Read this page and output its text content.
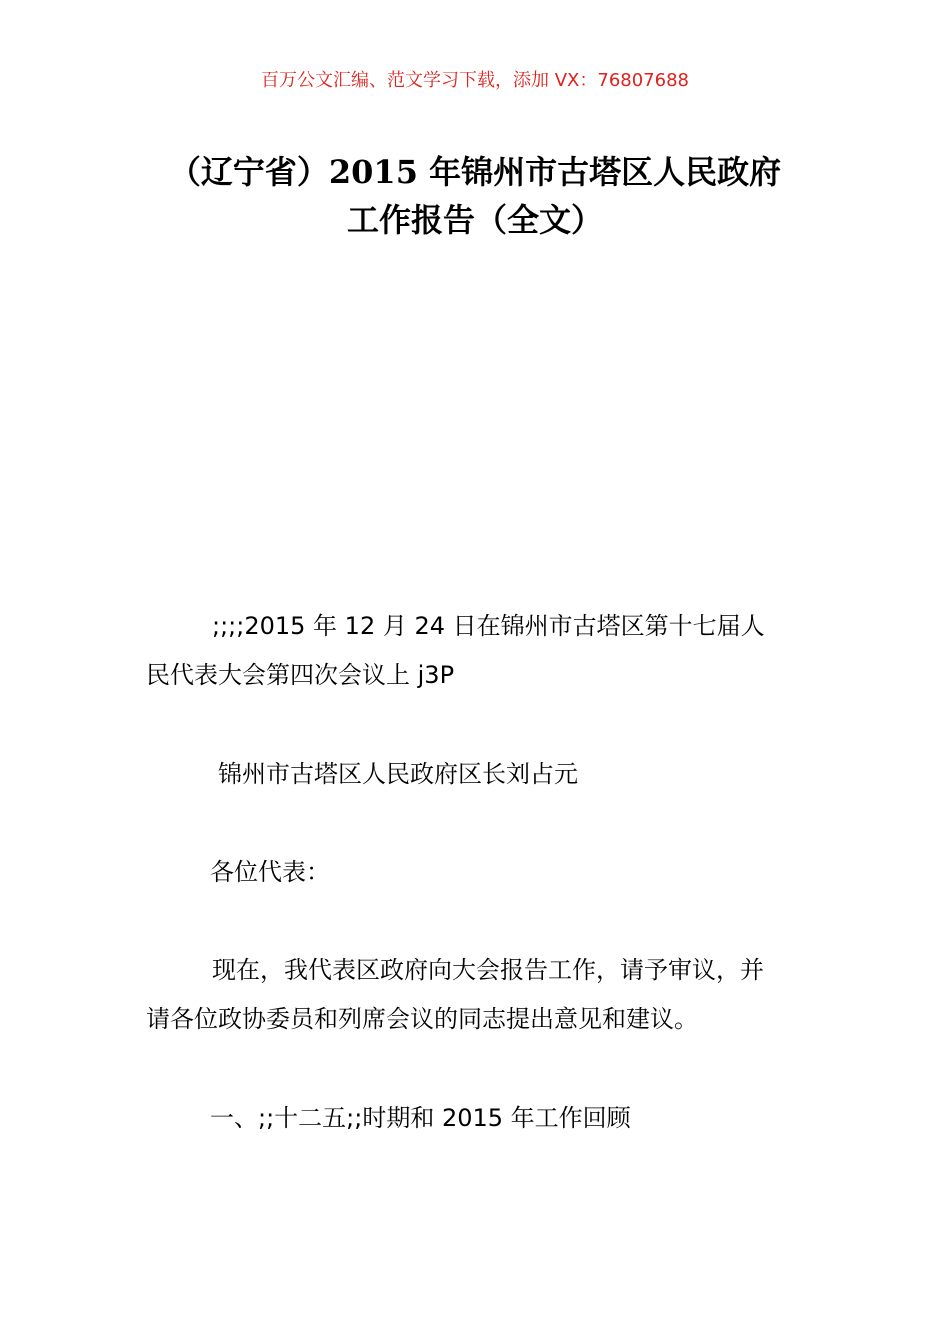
百万公文汇编、范文学习下载，添加 VX：76807688
（辽宁省）2015 年锦州市古塔区人民政府
工作报告（全文）
;;;;2015 年 12 月 24 日在锦州市古塔区第十七届人
民代表大会第四次会议上 j3P
锦州市古塔区人民政府区长刘占元
各位代表：
现在，我代表区政府向大会报告工作，请予审议，并
请各位政协委员和列席会议的同志提出意见和建议。
一、;;十二五;;时期和 2015 年工作回顾
